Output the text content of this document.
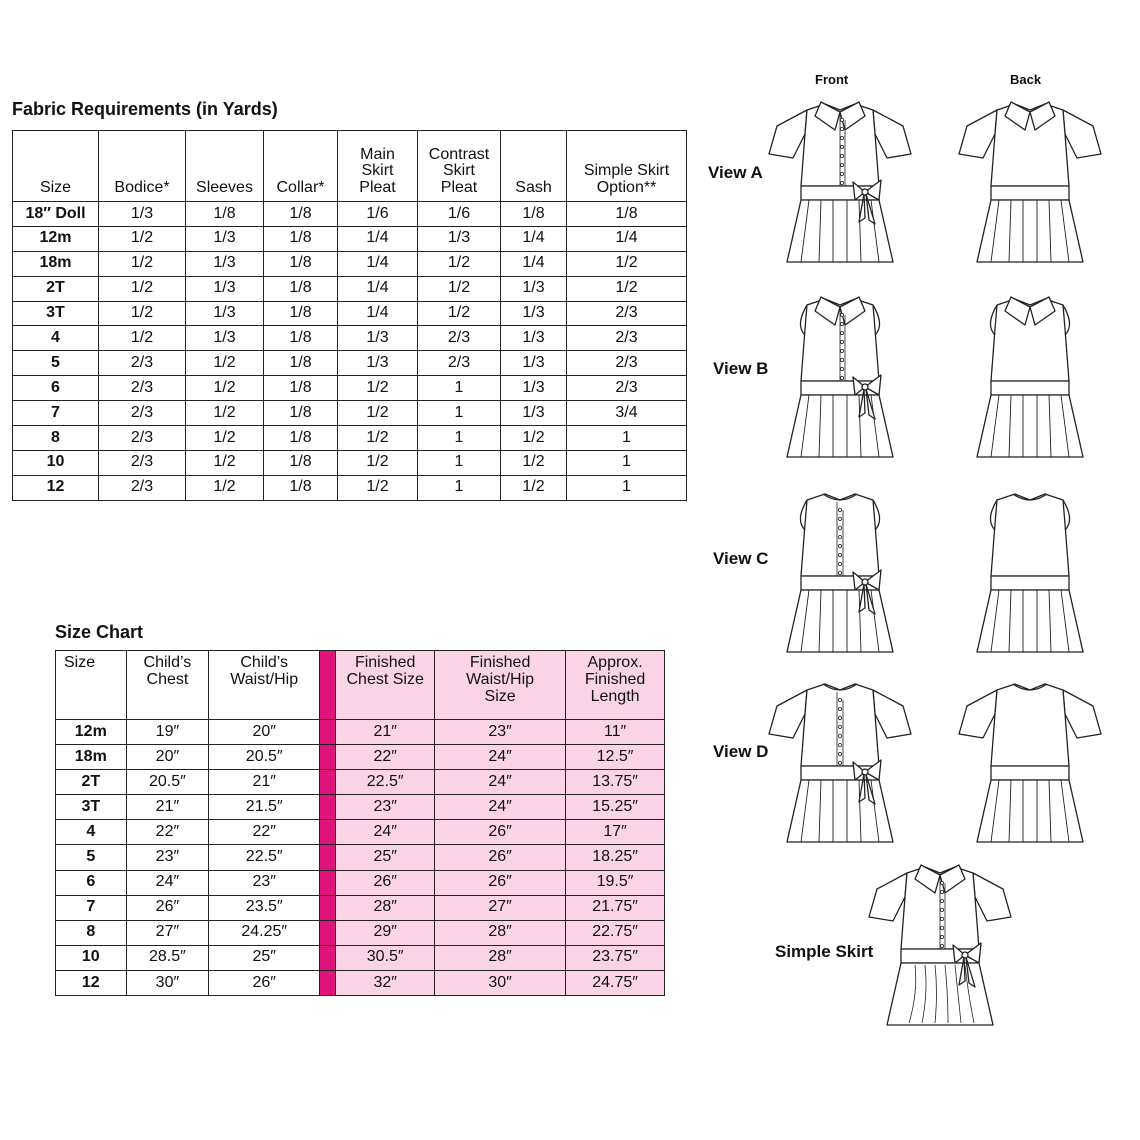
Fabric Requirements (in Yards)
Size	Bodice*	Sleeves	Collar*	Main Skirt Pleat	Contrast Skirt Pleat	Sash	Simple Skirt Option**
18″ Doll	1/3	1/8	1/8	1/6	1/6	1/8	1/8
12m	1/2	1/3	1/8	1/4	1/3	1/4	1/4
18m	1/2	1/3	1/8	1/4	1/2	1/4	1/2
2T	1/2	1/3	1/8	1/4	1/2	1/3	1/2
3T	1/2	1/3	1/8	1/4	1/2	1/3	2/3
4	1/2	1/3	1/8	1/3	2/3	1/3	2/3
5	2/3	1/2	1/8	1/3	2/3	1/3	2/3
6	2/3	1/2	1/8	1/2	1	1/3	2/3
7	2/3	1/2	1/8	1/2	1	1/3	3/4
8	2/3	1/2	1/8	1/2	1	1/2	1
10	2/3	1/2	1/8	1/2	1	1/2	1
12	2/3	1/2	1/8	1/2	1	1/2	1
Size Chart
Size	Child’s Chest	Child’s Waist/Hip		Finished Chest Size	Finished Waist/Hip Size	Approx. Finished Length
12m	19″	20″		21″	23″	11″
18m	20″	20.5″		22″	24″	12.5″
2T	20.5″	21″		22.5″	24″	13.75″
3T	21″	21.5″		23″	24″	15.25″
4	22″	22″		24″	26″	17″
5	23″	22.5″		25″	26″	18.25″
6	24″	23″		26″	26″	19.5″
7	26″	23.5″		28″	27″	21.75″
8	27″	24.25″		29″	28″	22.75″
10	28.5″	25″		30.5″	28″	23.75″
12	30″	26″		32″	30″	24.75″
Front	Back
View A
View B
View C
View D
Simple Skirt
